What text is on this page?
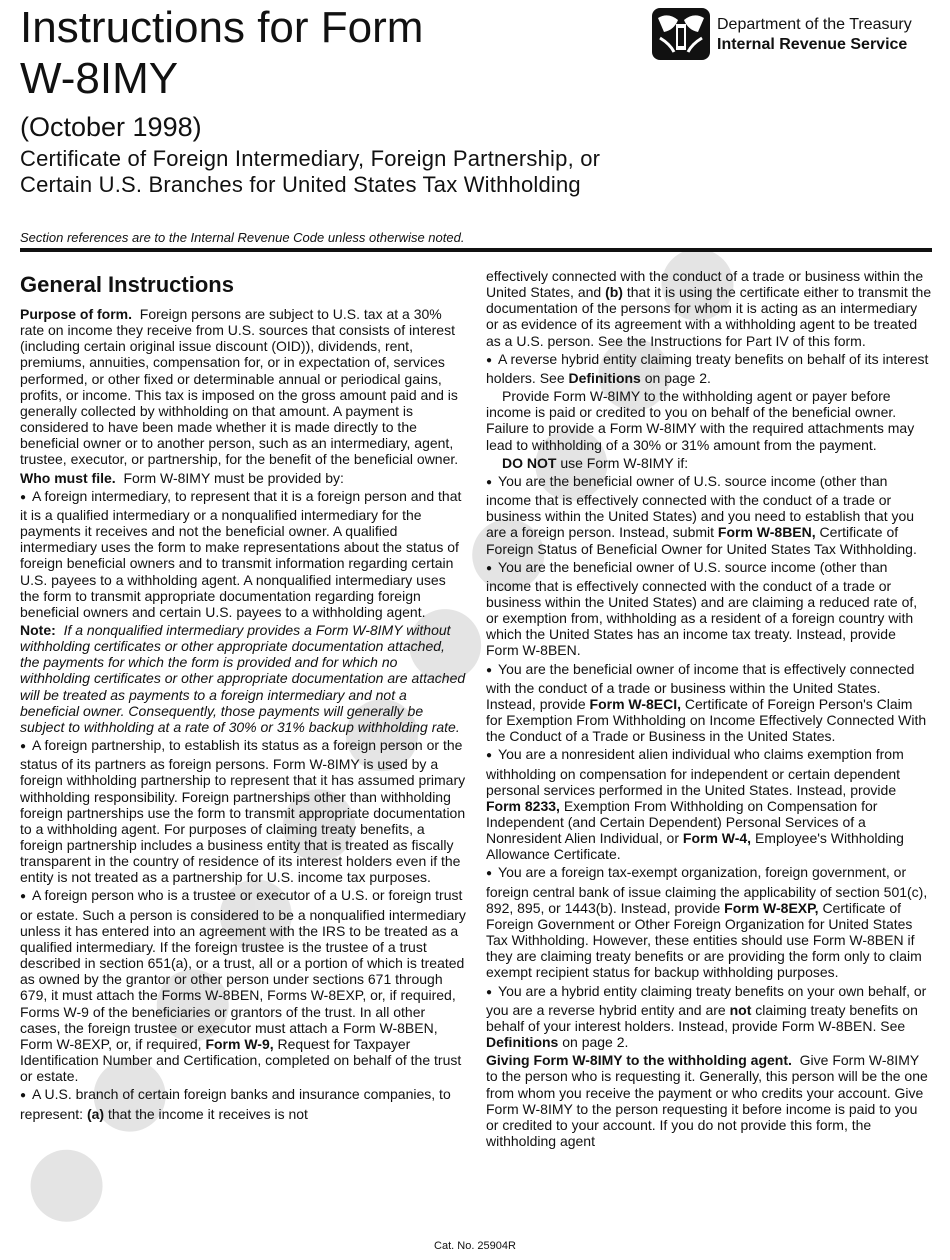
Instructions for Form
W-8IMY
(October 1998)
Certificate of Foreign Intermediary, Foreign Partnership, or Certain U.S. Branches for United States Tax Withholding
Section references are to the Internal Revenue Code unless otherwise noted.
Department of the Treasury
Internal Revenue Service
General Instructions

Purpose of form. Foreign persons are subject to U.S. tax at a 30% rate on income they receive from U.S. sources that consists of interest (including certain original issue discount (OID)), dividends, rent, premiums, annuities, compensation for, or in expectation of, services performed, or other fixed or determinable annual or periodical gains, profits, or income. This tax is imposed on the gross amount paid and is generally collected by withholding on that amount. A payment is considered to have been made whether it is made directly to the beneficial owner or to another person, such as an intermediary, agent, trustee, executor, or partnership, for the benefit of the beneficial owner.

Who must file. Form W-8IMY must be provided by:

● A foreign intermediary, to represent that it is a foreign person and that it is a qualified intermediary or a nonqualified intermediary for the payments it receives and not the beneficial owner. A qualified intermediary uses the form to make representations about the status of foreign beneficial owners and to transmit information regarding certain U.S. payees to a withholding agent. A nonqualified intermediary uses the form to transmit appropriate documentation regarding foreign beneficial owners and certain U.S. payees to a withholding agent.

Note: If a nonqualified intermediary provides a Form W-8IMY without withholding certificates or other appropriate documentation attached, the payments for which the form is provided and for which no withholding certificates or other appropriate documentation are attached will be treated as payments to a foreign intermediary and not a beneficial owner. Consequently, those payments will generally be subject to withholding at a rate of 30% or 31% backup withholding rate.

● A foreign partnership, to establish its status as a foreign person or the status of its partners as foreign persons. Form W-8IMY is used by a foreign withholding partnership to represent that it has assumed primary withholding responsibility. Foreign partnerships other than withholding foreign partnerships use the form to transmit appropriate documentation to a withholding agent. For purposes of claiming treaty benefits, a foreign partnership includes a business entity that is treated as fiscally transparent in the country of residence of its interest holders even if the entity is not treated as a partnership for U.S. income tax purposes.

● A foreign person who is a trustee or executor of a U.S. or foreign trust or estate. Such a person is considered to be a nonqualified intermediary unless it has entered into an agreement with the IRS to be treated as a qualified intermediary. If the foreign trustee is the trustee of a trust described in section 651(a), or a trust, all or a portion of which is treated as owned by the grantor or other person under sections 671 through 679, it must attach the Forms W-8BEN, Forms W-8EXP, or, if required, Forms W-9 of the beneficiaries or grantors of the trust. In all other cases, the foreign trustee or executor must attach a Form W-8BEN, Form W-8EXP, or, if required, Form W-9, Request for Taxpayer Identification Number and Certification, completed on behalf of the trust or estate.

● A U.S. branch of certain foreign banks and insurance companies, to represent: (a) that the income it receives is not

effectively connected with the conduct of a trade or business within the United States, and (b) that it is using the certificate either to transmit the documentation of the persons for whom it is acting as an intermediary or as evidence of its agreement with a withholding agent to be treated as a U.S. person. See the Instructions for Part IV of this form.

● A reverse hybrid entity claiming treaty benefits on behalf of its interest holders. See Definitions on page 2.

Provide Form W-8IMY to the withholding agent or payer before income is paid or credited to you on behalf of the beneficial owner. Failure to provide a Form W-8IMY with the required attachments may lead to withholding of a 30% or 31% amount from the payment.

DO NOT use Form W-8IMY if:

● You are the beneficial owner of U.S. source income (other than income that is effectively connected with the conduct of a trade or business within the United States) and you need to establish that you are a foreign person. Instead, submit Form W-8BEN, Certificate of Foreign Status of Beneficial Owner for United States Tax Withholding.

● You are the beneficial owner of U.S. source income (other than income that is effectively connected with the conduct of a trade or business within the United States) and are claiming a reduced rate of, or exemption from, withholding as a resident of a foreign country with which the United States has an income tax treaty. Instead, provide Form W-8BEN.

● You are the beneficial owner of income that is effectively connected with the conduct of a trade or business within the United States. Instead, provide Form W-8ECI, Certificate of Foreign Person's Claim for Exemption From Withholding on Income Effectively Connected With the Conduct of a Trade or Business in the United States.

● You are a nonresident alien individual who claims exemption from withholding on compensation for independent or certain dependent personal services performed in the United States. Instead, provide Form 8233, Exemption From Withholding on Compensation for Independent (and Certain Dependent) Personal Services of a Nonresident Alien Individual, or Form W-4, Employee's Withholding Allowance Certificate.

● You are a foreign tax-exempt organization, foreign government, or foreign central bank of issue claiming the applicability of section 501(c), 892, 895, or 1443(b). Instead, provide Form W-8EXP, Certificate of Foreign Government or Other Foreign Organization for United States Tax Withholding. However, these entities should use Form W-8BEN if they are claiming treaty benefits or are providing the form only to claim exempt recipient status for backup withholding purposes.

● You are a hybrid entity claiming treaty benefits on your own behalf, or you are a reverse hybrid entity and are not claiming treaty benefits on behalf of your interest holders. Instead, provide Form W-8BEN. See Definitions on page 2.

Giving Form W-8IMY to the withholding agent. Give Form W-8IMY to the person who is requesting it. Generally, this person will be the one from whom you receive the payment or who credits your account. Give Form W-8IMY to the person requesting it before income is paid to you or credited to your account. If you do not provide this form, the withholding agent

Cat. No. 25904R
